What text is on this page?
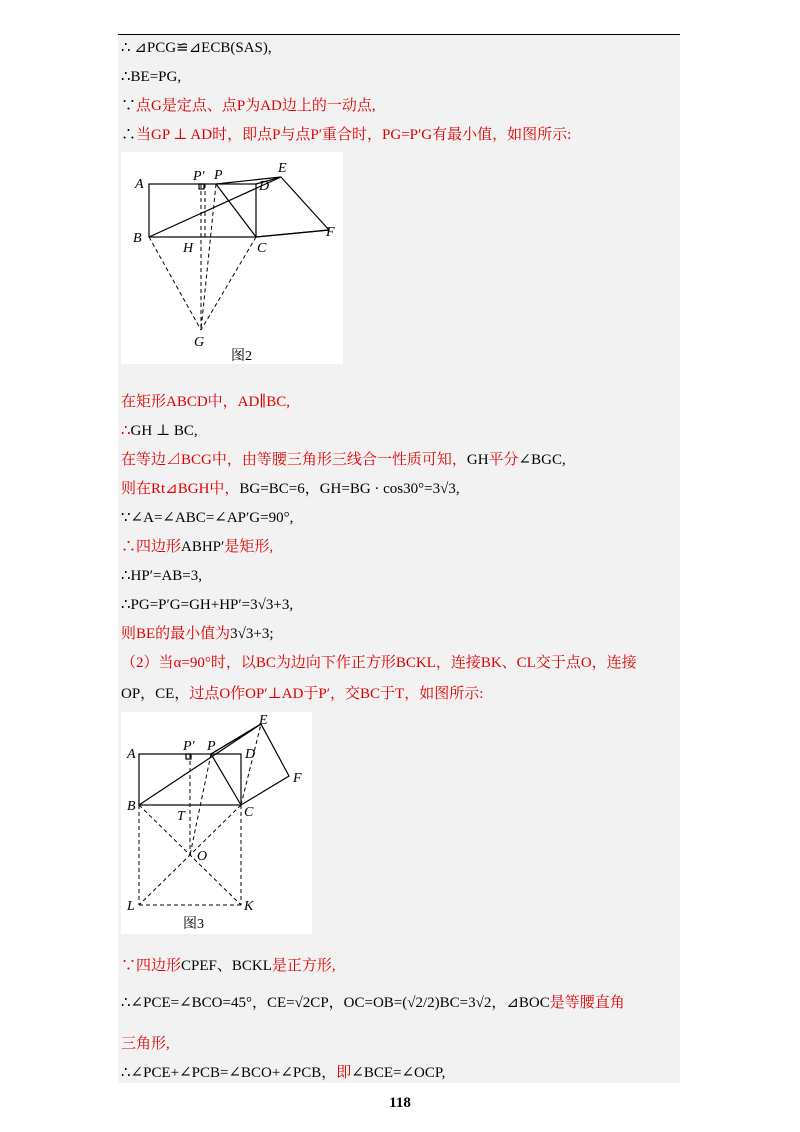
∴ ⊿PCG≌⊿ECB(SAS),
∴BE=PG,
∵点G是定点、点P为AD边上的一动点,
∴当GP ⊥ AD时，即点P与点P′重合时，PG=P′G有最小值，如图所示:
A
P′ P
D
E
B
H	C
F
G
图2
在矩形ABCD中，AD∥BC,
∴GH ⊥ BC,
在等边⊿BCG中，由等腰三角形三线合一性质可知，GH平分∠BGC,
则在Rt⊿BGH中，BG=BC=6，GH=BG · cos30°=3√3,
∵∠A=∠ABC=∠AP′G=90°,
∴四边形ABHP′是矩形,
∴HP′=AB=3,
∴PG=P′G=GH+HP′=3√3+3,
则BE的最小值为3√3+3;
（2）当α=90°时，以BC为边向下作正方形BCKL，连接BK、CL交于点O，连接
OP，CE，过点O作OP′⊥AD于P′，交BC于T，如图所示:
A
P′ P
D
E
F
B
T	C
O
L	K
图3
∵四边形CPEF、BCKL是正方形,
∴∠PCE=∠BCO=45°，CE=√2CP，OC=OB=(√2/2)BC=3√2，⊿BOC是等腰直角
三角形,
∴∠PCE+∠PCB=∠BCO+∠PCB，即∠BCE=∠OCP,
118
